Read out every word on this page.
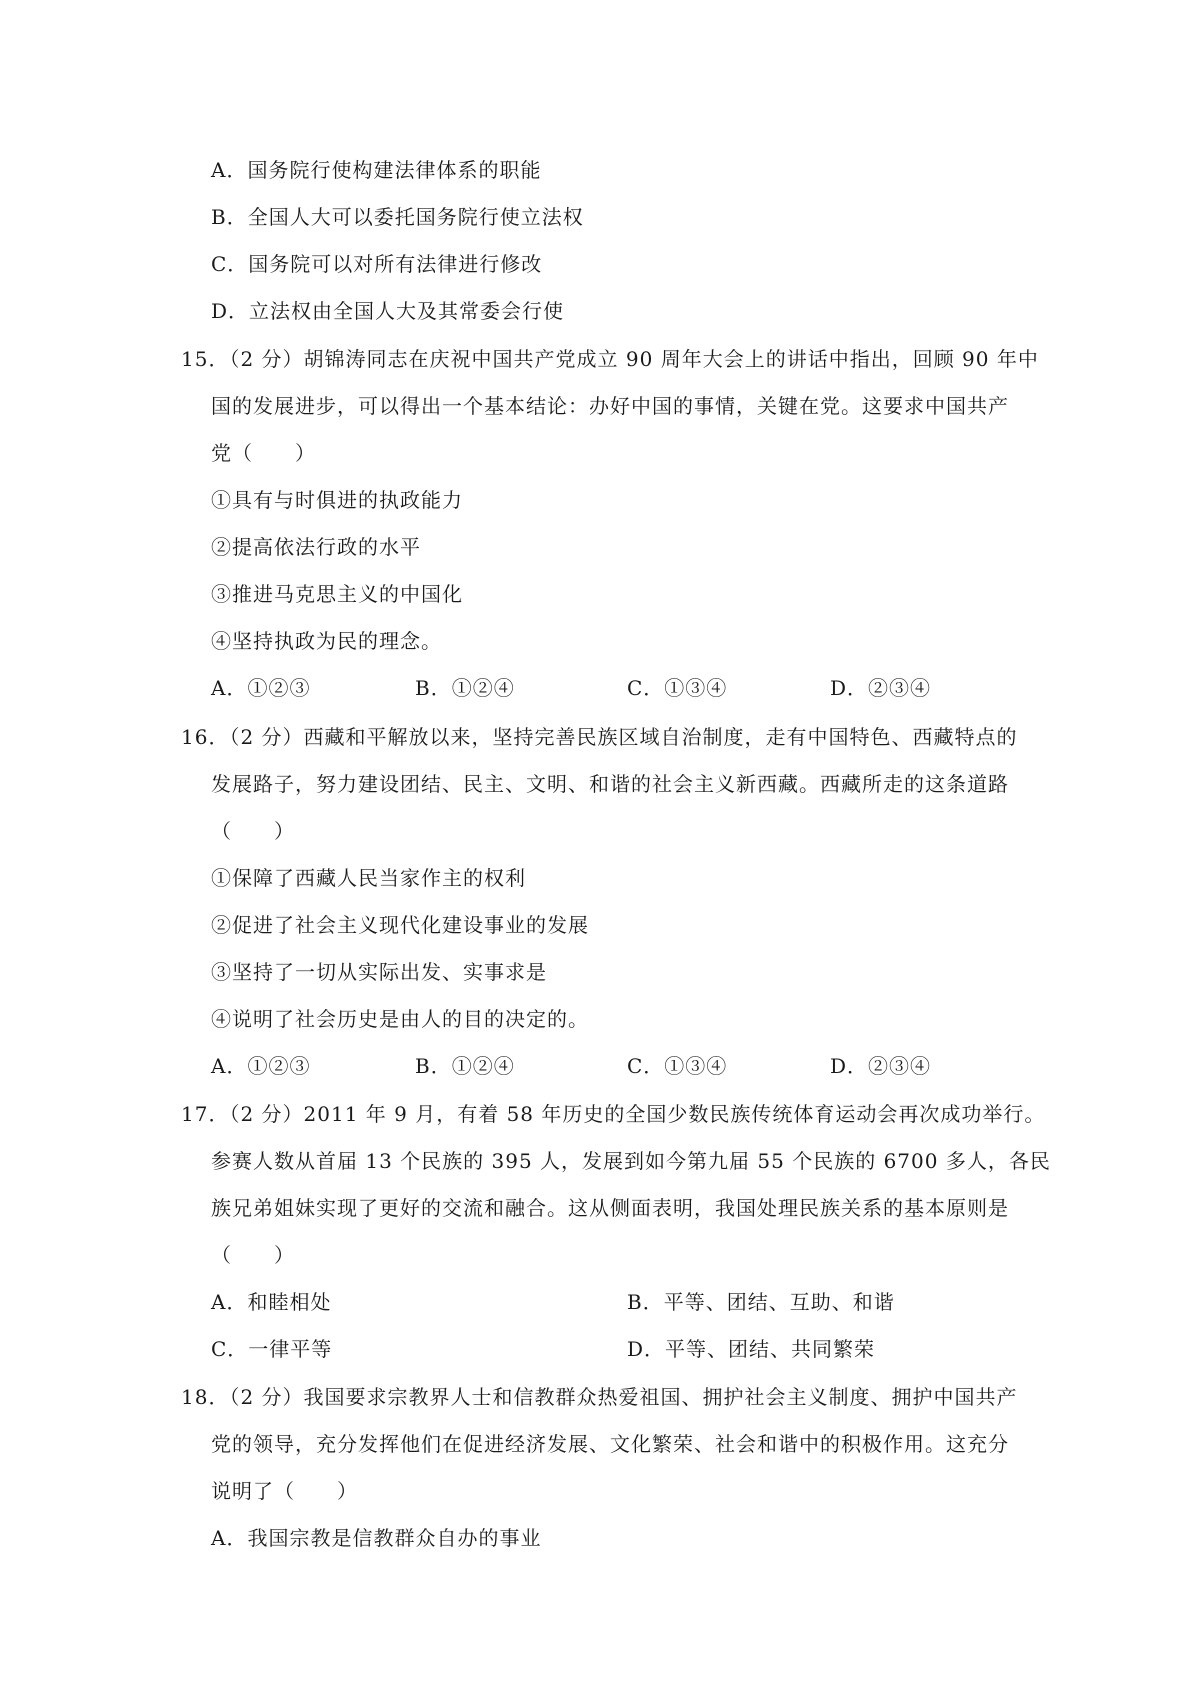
A．国务院行使构建法律体系的职能
B．全国人大可以委托国务院行使立法权
C．国务院可以对所有法律进行修改
D．立法权由全国人大及其常委会行使
15．（2 分）胡锦涛同志在庆祝中国共产党成立 90 周年大会上的讲话中指出，回顾 90 年中
国的发展进步，可以得出一个基本结论：办好中国的事情，关键在党。这要求中国共产
党（　　）
①具有与时俱进的执政能力
②提高依法行政的水平
③推进马克思主义的中国化
④坚持执政为民的理念。
A．①②③	B．①②④	C．①③④	D．②③④
16．（2 分）西藏和平解放以来，坚持完善民族区域自治制度，走有中国特色、西藏特点的
发展路子，努力建设团结、民主、文明、和谐的社会主义新西藏。西藏所走的这条道路
（　　）
①保障了西藏人民当家作主的权利
②促进了社会主义现代化建设事业的发展
③坚持了一切从实际出发、实事求是
④说明了社会历史是由人的目的决定的。
A．①②③	B．①②④	C．①③④	D．②③④
17．（2 分）2011 年 9 月，有着 58 年历史的全国少数民族传统体育运动会再次成功举行。
参赛人数从首届 13 个民族的 395 人，发展到如今第九届 55 个民族的 6700 多人，各民
族兄弟姐妹实现了更好的交流和融合。这从侧面表明，我国处理民族关系的基本原则是
（　　）
A．和睦相处	B．平等、团结、互助、和谐
C．一律平等	D．平等、团结、共同繁荣
18．（2 分）我国要求宗教界人士和信教群众热爱祖国、拥护社会主义制度、拥护中国共产
党的领导，充分发挥他们在促进经济发展、文化繁荣、社会和谐中的积极作用。这充分
说明了（　　）
A．我国宗教是信教群众自办的事业
